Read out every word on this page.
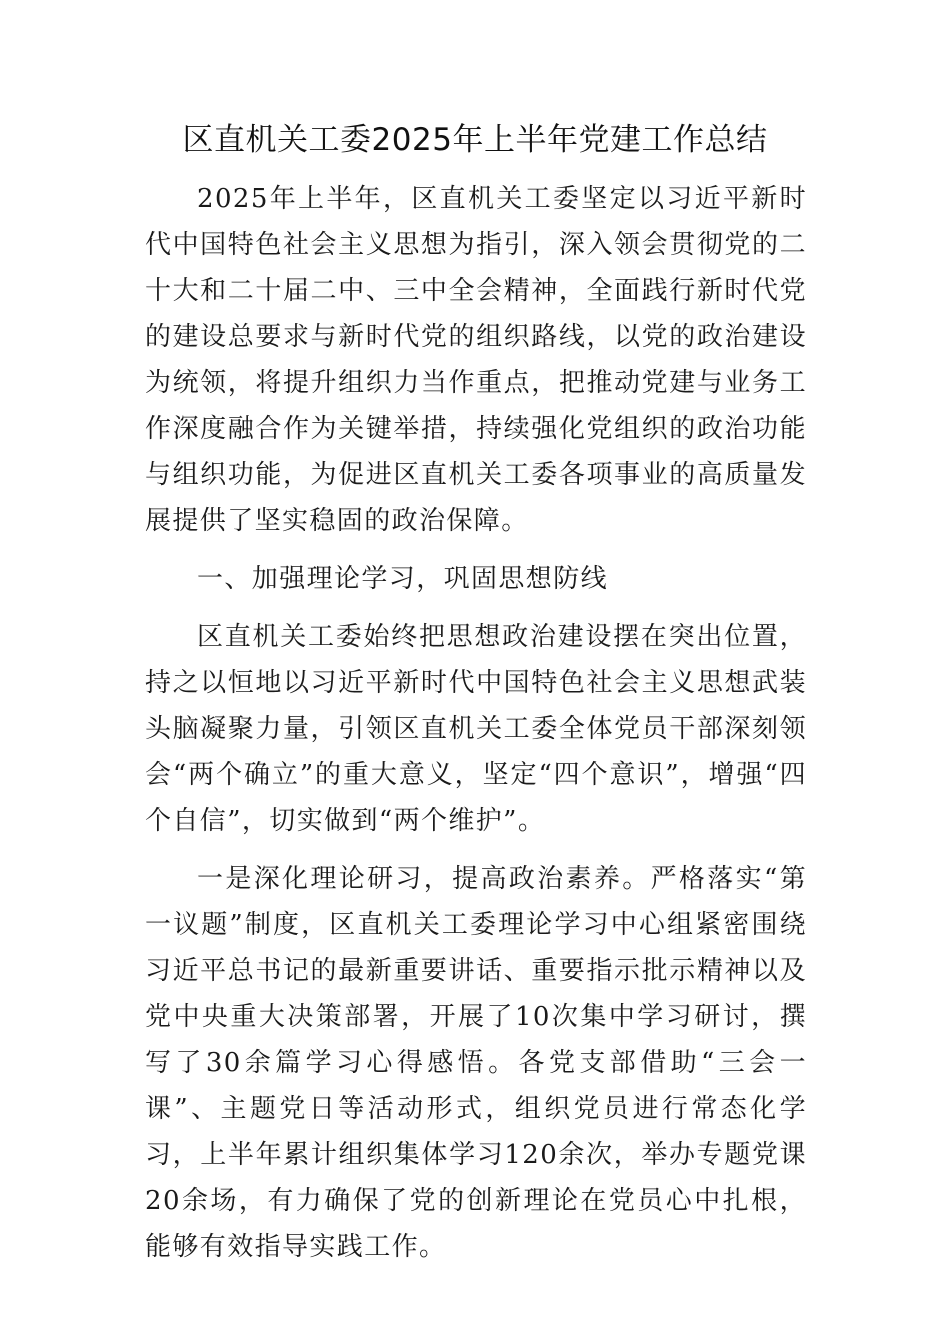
区直机关工委2025年上半年党建工作总结

2025年上半年，区直机关工委坚定以习近平新时代中国特色社会主义思想为指引，深入领会贯彻党的二十大和二十届二中、三中全会精神，全面践行新时代党的建设总要求与新时代党的组织路线，以党的政治建设为统领，将提升组织力当作重点，把推动党建与业务工作深度融合作为关键举措，持续强化党组织的政治功能与组织功能，为促进区直机关工委各项事业的高质量发展提供了坚实稳固的政治保障。

一、加强理论学习，巩固思想防线

区直机关工委始终把思想政治建设摆在突出位置，持之以恒地以习近平新时代中国特色社会主义思想武装头脑凝聚力量，引领区直机关工委全体党员干部深刻领会“两个确立”的重大意义，坚定“四个意识”，增强“四个自信”，切实做到“两个维护”。

一是深化理论研习，提高政治素养。严格落实“第一议题”制度，区直机关工委理论学习中心组紧密围绕习近平总书记的最新重要讲话、重要指示批示精神以及党中央重大决策部署，开展了10次集中学习研讨，撰写了30余篇学习心得感悟。各党支部借助“三会一课”、主题党日等活动形式，组织党员进行常态化学习，上半年累计组织集体学习120余次，举办专题党课20余场，有力确保了党的创新理论在党员心中扎根，能够有效指导实践工作。
